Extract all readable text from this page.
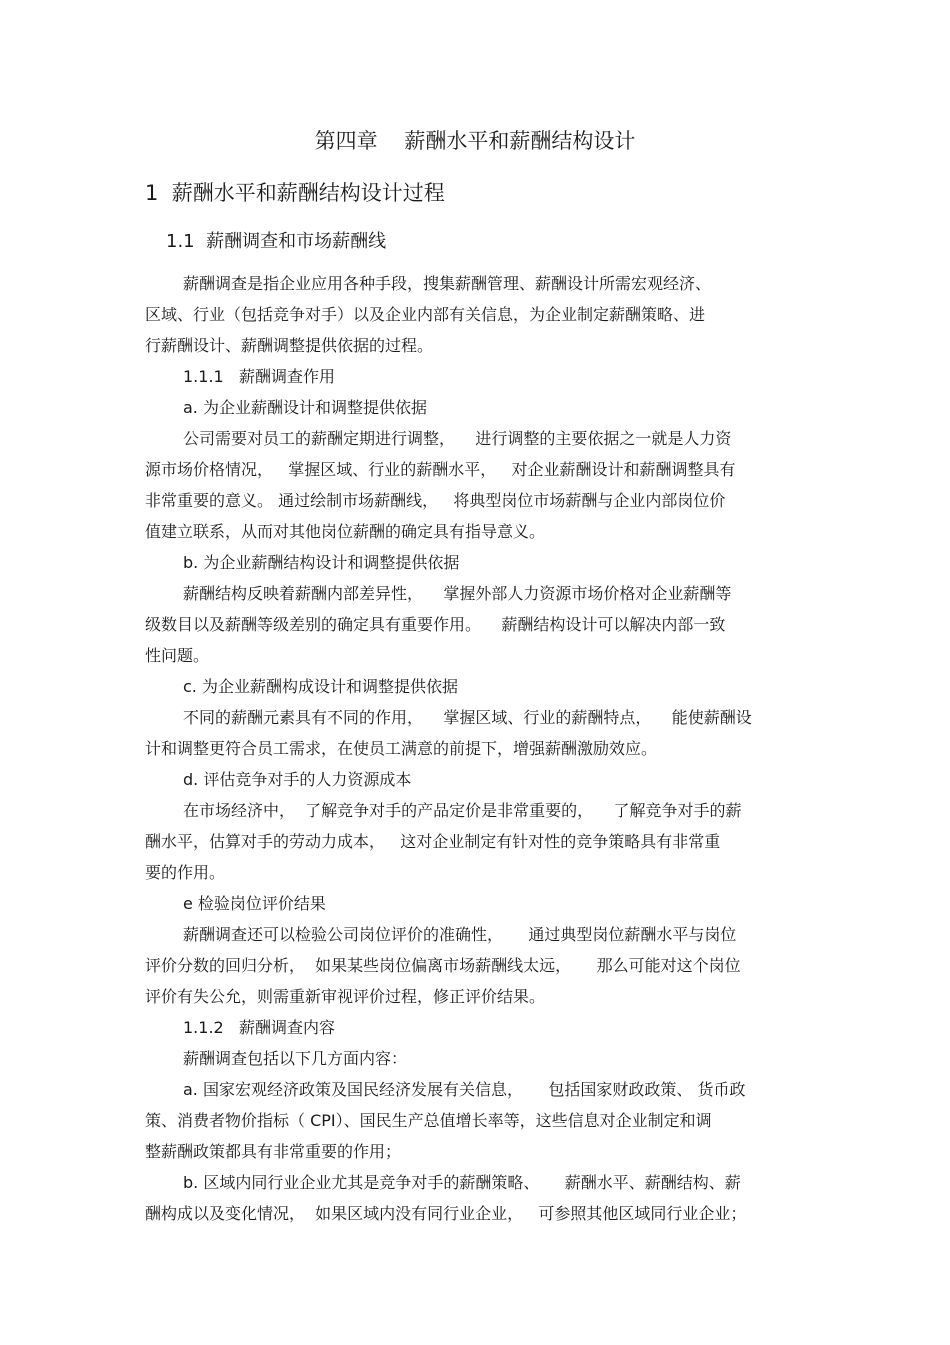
第四章    薪酬水平和薪酬结构设计
1  薪酬水平和薪酬结构设计过程
1.1  薪酬调查和市场薪酬线
薪酬调查是指企业应用各种手段，搜集薪酬管理、薪酬设计所需宏观经济、
区域、行业（包括竞争对手）以及企业内部有关信息，为企业制定薪酬策略、进
行薪酬设计、薪酬调整提供依据的过程。
1.1.1   薪酬调查作用
a. 为企业薪酬设计和调整提供依据
公司需要对员工的薪酬定期进行调整，    进行调整的主要依据之一就是人力资
源市场价格情况，   掌握区域、行业的薪酬水平，   对企业薪酬设计和薪酬调整具有
非常重要的意义。 通过绘制市场薪酬线，   将典型岗位市场薪酬与企业内部岗位价
值建立联系，从而对其他岗位薪酬的确定具有指导意义。
b. 为企业薪酬结构设计和调整提供依据
薪酬结构反映着薪酬内部差异性，    掌握外部人力资源市场价格对企业薪酬等
级数目以及薪酬等级差别的确定具有重要作用。    薪酬结构设计可以解决内部一致
性问题。
c. 为企业薪酬构成设计和调整提供依据
不同的薪酬元素具有不同的作用，    掌握区域、行业的薪酬特点，    能使薪酬设
计和调整更符合员工需求，在使员工满意的前提下，增强薪酬激励效应。
d. 评估竞争对手的人力资源成本
在市场经济中，  了解竞争对手的产品定价是非常重要的，    了解竞争对手的薪
酬水平，估算对手的劳动力成本，   这对企业制定有针对性的竞争策略具有非常重
要的作用。
e 检验岗位评价结果
薪酬调查还可以检验公司岗位评价的准确性，     通过典型岗位薪酬水平与岗位
评价分数的回归分析，  如果某些岗位偏离市场薪酬线太远，     那么可能对这个岗位
评价有失公允，则需重新审视评价过程，修正评价结果。
1.1.2   薪酬调查内容
薪酬调查包括以下几方面内容：
a. 国家宏观经济政策及国民经济发展有关信息，     包括国家财政政策、 货币政
策、消费者物价指标（ CPI）、国民生产总值增长率等，这些信息对企业制定和调
整薪酬政策都具有非常重要的作用；
b. 区域内同行业企业尤其是竞争对手的薪酬策略、     薪酬水平、薪酬结构、薪
酬构成以及变化情况，  如果区域内没有同行业企业，   可参照其他区域同行业企业；
